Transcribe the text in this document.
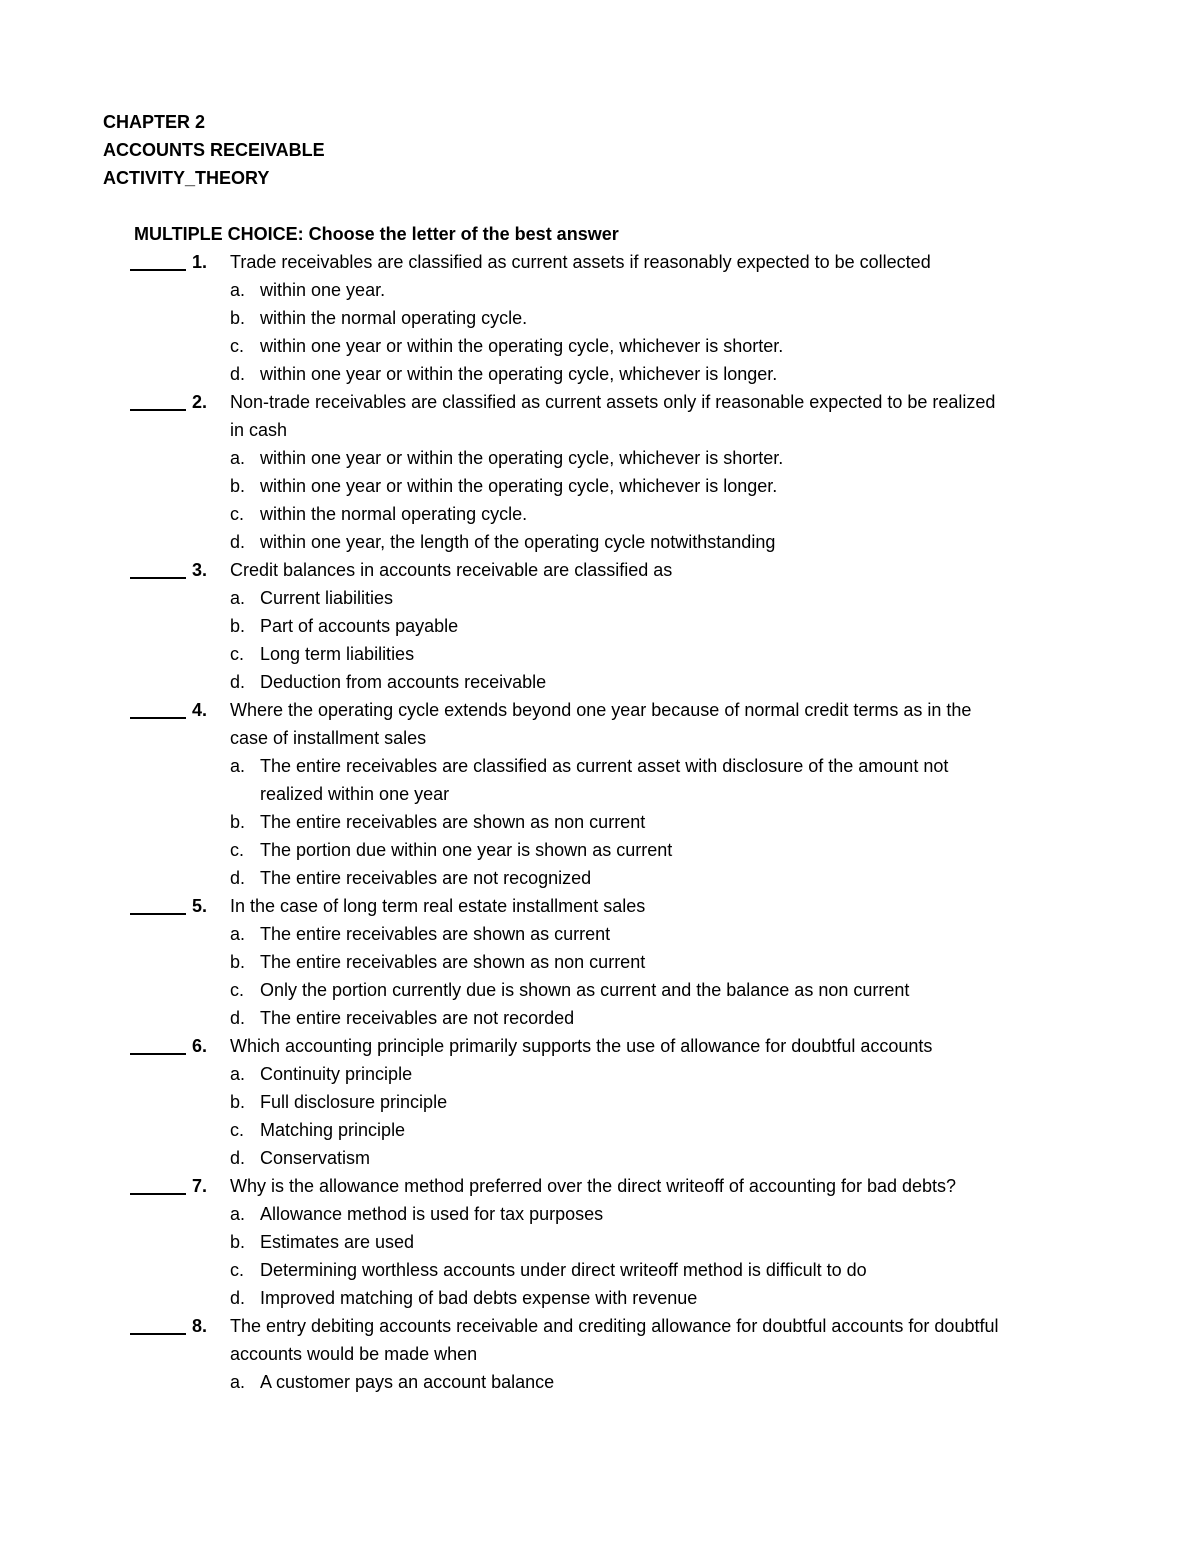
CHAPTER 2
ACCOUNTS RECEIVABLE
ACTIVITY_THEORY
MULTIPLE CHOICE: Choose the letter of the best answer
1. Trade receivables are classified as current assets if reasonably expected to be collected
a. within one year.
b. within the normal operating cycle.
c. within one year or within the operating cycle, whichever is shorter.
d. within one year or within the operating cycle, whichever is longer.
2. Non-trade receivables are classified as current assets only if reasonable expected to be realized in cash
a. within one year or within the operating cycle, whichever is shorter.
b. within one year or within the operating cycle, whichever is longer.
c. within the normal operating cycle.
d. within one year, the length of the operating cycle notwithstanding
3. Credit balances in accounts receivable are classified as
a. Current liabilities
b. Part of accounts payable
c. Long term liabilities
d. Deduction from accounts receivable
4. Where the operating cycle extends beyond one year because of normal credit terms as in the case of installment sales
a. The entire receivables are classified as current asset with disclosure of the amount not realized within one year
b. The entire receivables are shown as non current
c. The portion due within one year is shown as current
d. The entire receivables are not recognized
5. In the case of long term real estate installment sales
a. The entire receivables are shown as current
b. The entire receivables are shown as non current
c. Only the portion currently due is shown as current and the balance as non current
d. The entire receivables are not recorded
6. Which accounting principle primarily supports the use of allowance for doubtful accounts
a. Continuity principle
b. Full disclosure principle
c. Matching principle
d. Conservatism
7. Why is the allowance method preferred over the direct writeoff of accounting for bad debts?
a. Allowance method is used for tax purposes
b. Estimates are used
c. Determining worthless accounts under direct writeoff method is difficult to do
d. Improved matching of bad debts expense with revenue
8. The entry debiting accounts receivable and crediting allowance for doubtful accounts for doubtful accounts would be made when
a. A customer pays an account balance
